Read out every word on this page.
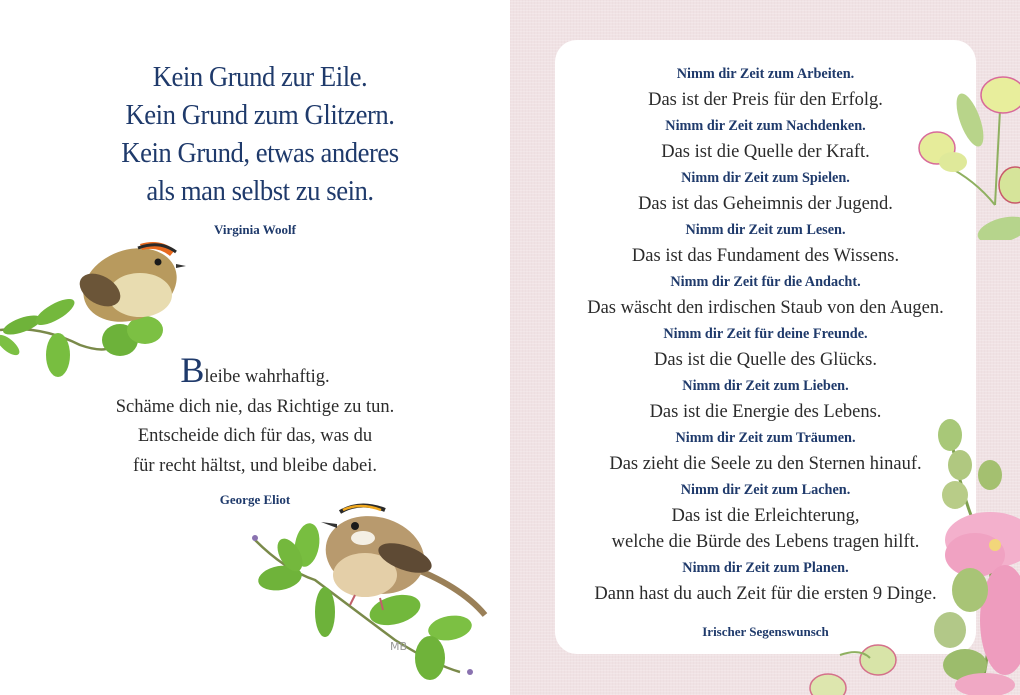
Kein Grund zur Eile.
Kein Grund zum Glitzern.
Kein Grund, etwas anderes
als man selbst zu sein.
Virginia Woolf
Bleibe wahrhaftig.
Schäme dich nie, das Richtige zu tun.
Entscheide dich für das, was du
für recht hältst, und bleibe dabei.
George Eliot
MB
Nimm dir Zeit zum Arbeiten.
Das ist der Preis für den Erfolg.
Nimm dir Zeit zum Nachdenken.
Das ist die Quelle der Kraft.
Nimm dir Zeit zum Spielen.
Das ist das Geheimnis der Jugend.
Nimm dir Zeit zum Lesen.
Das ist das Fundament des Wissens.
Nimm dir Zeit für die Andacht.
Das wäscht den irdischen Staub von den Augen.
Nimm dir Zeit für deine Freunde.
Das ist die Quelle des Glücks.
Nimm dir Zeit zum Lieben.
Das ist die Energie des Lebens.
Nimm dir Zeit zum Träumen.
Das zieht die Seele zu den Sternen hinauf.
Nimm dir Zeit zum Lachen.
Das ist die Erleichterung,
welche die Bürde des Lebens tragen hilft.
Nimm dir Zeit zum Planen.
Dann hast du auch Zeit für die ersten 9 Dinge.
Irischer Segenswunsch
